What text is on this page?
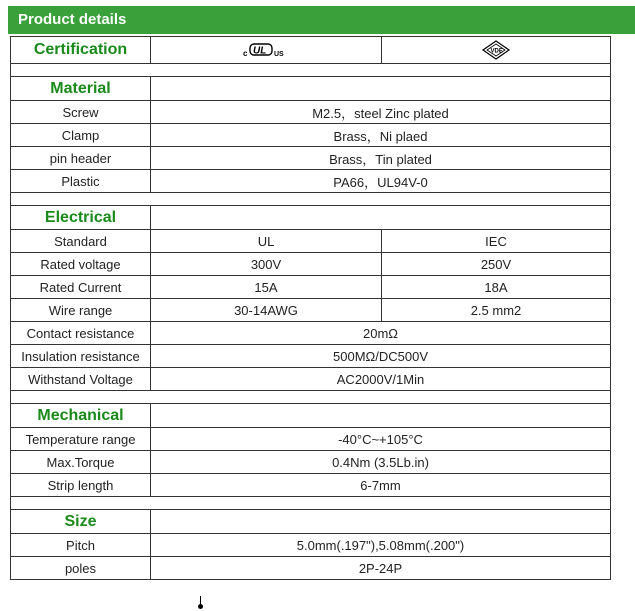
Product details
Certification	c UL US	VDE

Material		
Screw	M2.5，steel Zinc plated	
Clamp	Brass，Ni plaed	
pin header	Brass，Tin plated	
Plastic	PA66，UL94V-0	

Electrical		
Standard	UL	IEC
Rated voltage	300V	250V
Rated Current	15A	18A
Wire range	30-14AWG	2.5 mm2
Contact resistance	20mΩ	
Insulation resistance	500MΩ/DC500V	
Withstand Voltage	AC2000V/1Min	

Mechanical		
Temperature range	-40°C~+105°C	
Max.Torque	0.4Nm (3.5Lb.in)	
Strip length	6-7mm	

Size		
Pitch	5.0mm(.197"),5.08mm(.200")	
poles	2P-24P	
